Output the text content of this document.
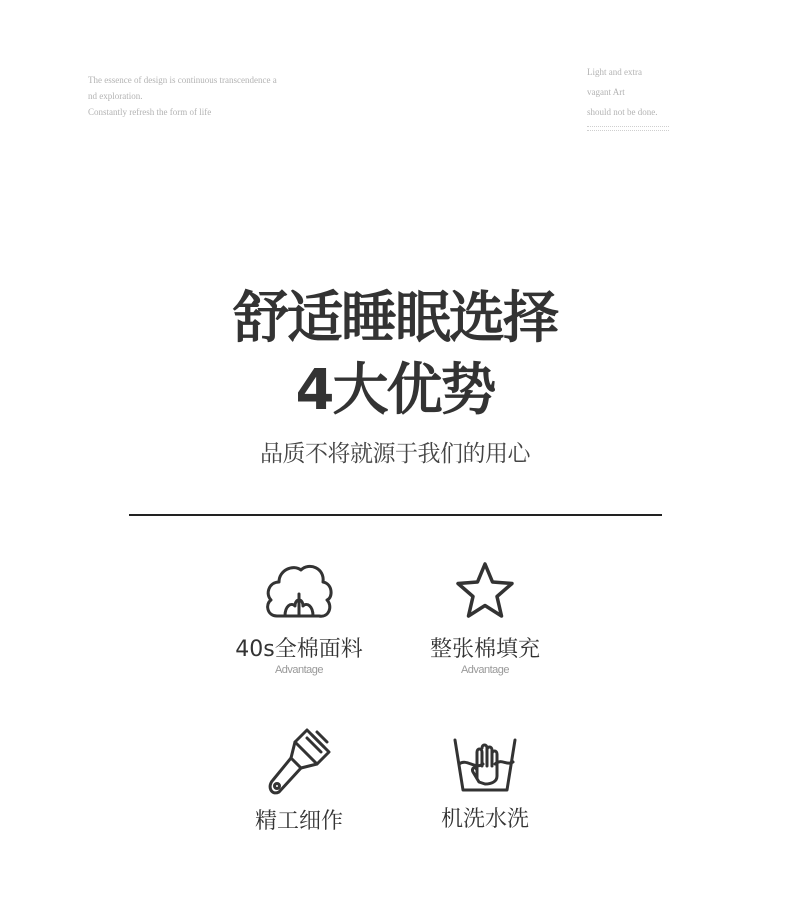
The essence of design is continuous transcendence a
nd exploration.
Constantly refresh the form of life
Light and extra
vagant Art
should not be done.
舒适睡眠选择
4大优势
品质不将就源于我们的用心
40s全棉面料
Advantage
整张棉填充
Advantage
精工细作	机洗水洗
